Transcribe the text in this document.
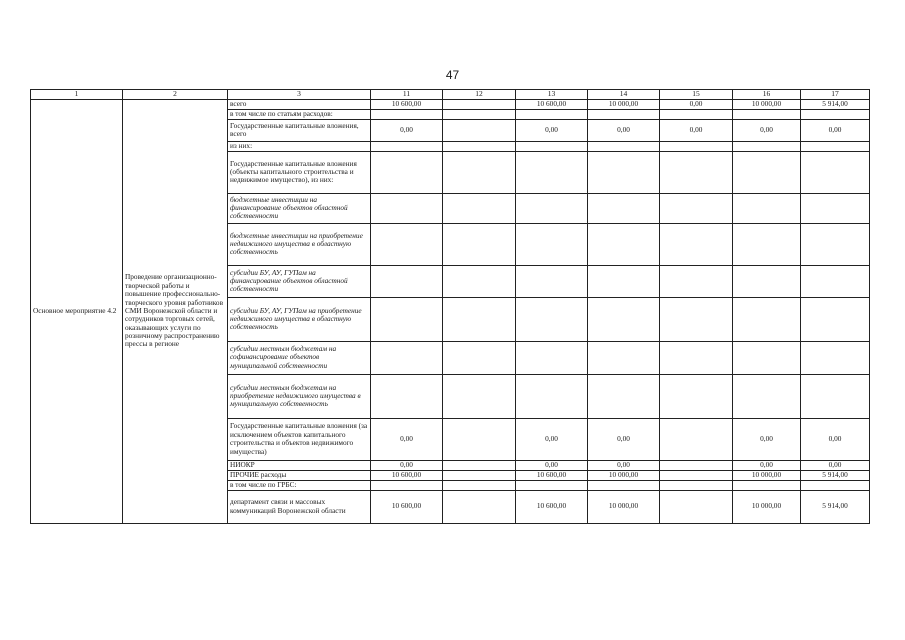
47
1	2	3	11	12	13	14	15	16	17
Основное мероприятие 4.2	Проведение организационно-творческой работы и повышение профессионально-творческого уровня работников СМИ Воронежской области и сотрудников торговых сетей, оказывающих услуги по розничному распространению прессы в регионе	всего	10 600,00		10 600,00	10 000,00	0,00	10 000,00	5 914,00
		в том числе по статьям расходов:							
		Государственные капитальные вложения, всего	0,00		0,00	0,00	0,00	0,00	0,00
		из них:							
		Государственные капитальные вложения (объекты капитального строительства и недвижимое имущество), из них:							
		бюджетные инвестиции на финансирование объектов областной собственности							
		бюджетные инвестиции на приобретение недвижимого имущества в областную собственность							
		субсидии БУ, АУ, ГУПам на финансирование объектов областной собственности							
		субсидии БУ, АУ, ГУПам на приобретение недвижимого имущества в областную собственность							
		субсидии местным бюджетам на софинансирование объектов муниципальной собственности							
		субсидии местным бюджетам на приобретение недвижимого имущества в муниципальную собственность							
		Государственные капитальные вложения (за исключением объектов капитального строительства и объектов недвижимого имущества)	0,00		0,00	0,00		0,00	0,00
		НИОКР	0,00		0,00	0,00		0,00	0,00
		ПРОЧИЕ расходы	10 600,00		10 600,00	10 000,00		10 000,00	5 914,00
		в том числе по ГРБС:							
		департамент связи и массовых коммуникаций Воронежской области	10 600,00		10 600,00	10 000,00		10 000,00	5 914,00
